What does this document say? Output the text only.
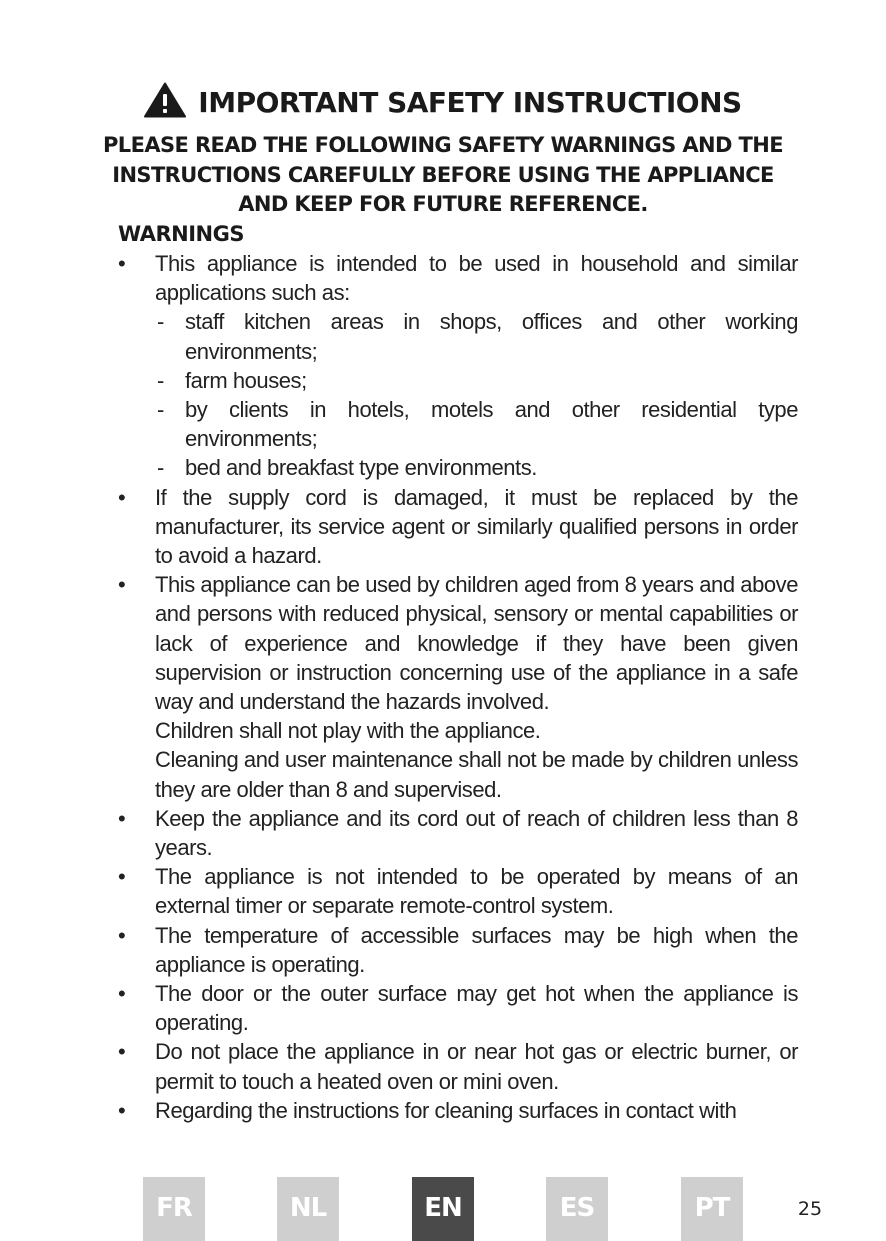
IMPORTANT SAFETY INSTRUCTIONS
PLEASE READ THE FOLLOWING SAFETY WARNINGS AND THE INSTRUCTIONS CAREFULLY BEFORE USING THE APPLIANCE AND KEEP FOR FUTURE REFERENCE.
WARNINGS
• This appliance is intended to be used in household and similar applications such as:
- staff kitchen areas in shops, offices and other working environments;
- farm houses;
- by clients in hotels, motels and other residential type environments;
- bed and breakfast type environments.
• If the supply cord is damaged, it must be replaced by the manufacturer, its service agent or similarly qualified persons in order to avoid a hazard.
• This appliance can be used by children aged from 8 years and above and persons with reduced physical, sensory or mental capabilities or lack of experience and knowledge if they have been given supervision or instruction concerning use of the appliance in a safe way and understand the hazards involved.
Children shall not play with the appliance.
Cleaning and user maintenance shall not be made by children unless they are older than 8 and supervised.
• Keep the appliance and its cord out of reach of children less than 8 years.
• The appliance is not intended to be operated by means of an external timer or separate remote-control system.
• The temperature of accessible surfaces may be high when the appliance is operating.
• The door or the outer surface may get hot when the appliance is operating.
• Do not place the appliance in or near hot gas or electric burner, or permit to touch a heated oven or mini oven.
• Regarding the instructions for cleaning surfaces in contact with
FR	NL	EN	ES	PT	25
